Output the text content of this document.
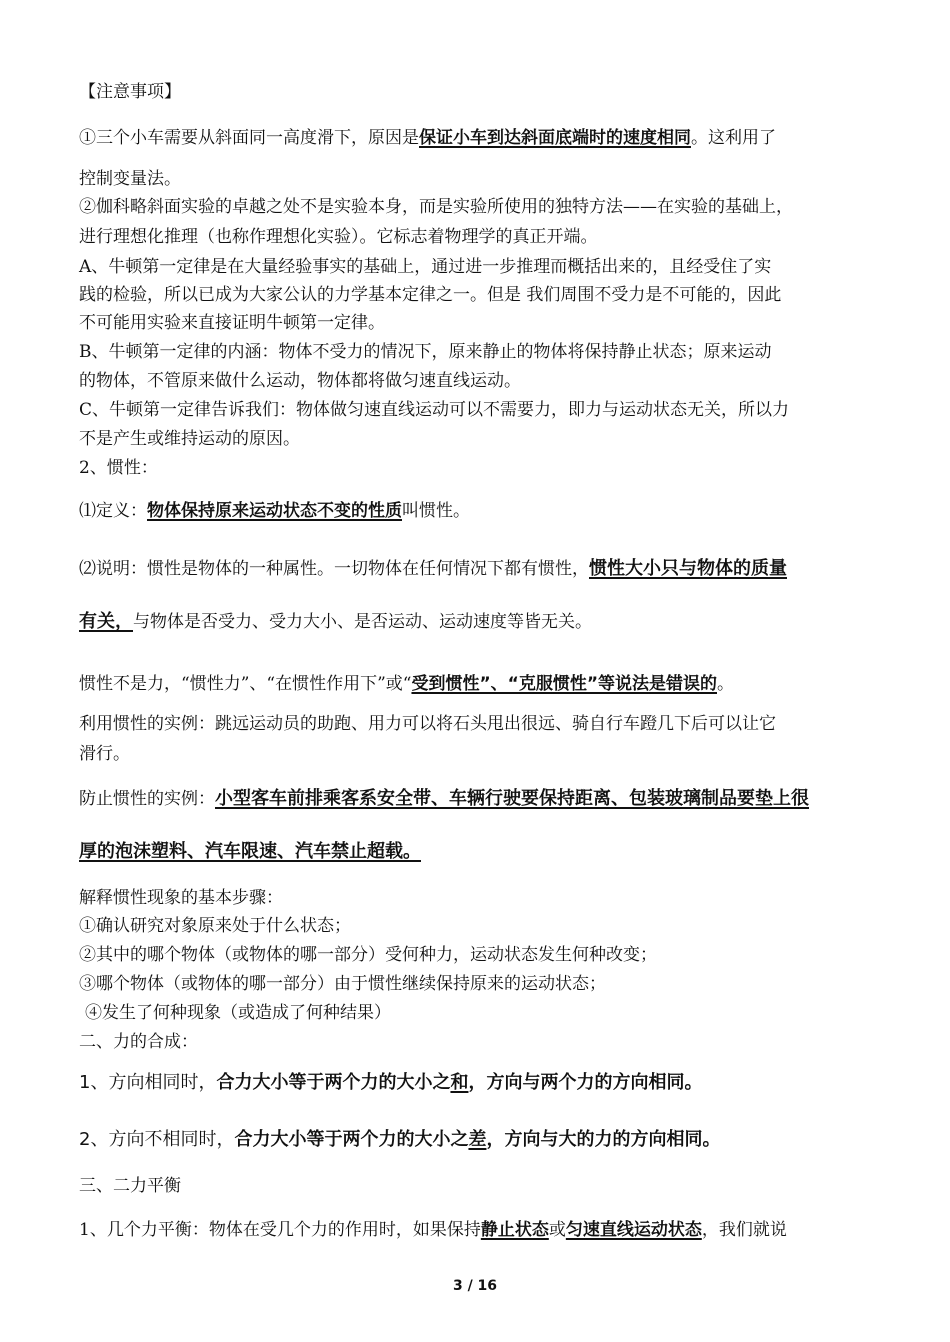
【注意事项】
①三个小车需要从斜面同一高度滑下，原因是保证小车到达斜面底端时的速度相同。这利用了
控制变量法。
②伽科略斜面实验的卓越之处不是实验本身，而是实验所使用的独特方法——在实验的基础上，
进行理想化推理（也称作理想化实验）。它标志着物理学的真正开端。
A、牛顿第一定律是在大量经验事实的基础上，通过进一步推理而概括出来的，且经受住了实
践的检验，所以已成为大家公认的力学基本定律之一。但是 我们周围不受力是不可能的，因此
不可能用实验来直接证明牛顿第一定律。
B、牛顿第一定律的内涵：物体不受力的情况下，原来静止的物体将保持静止状态；原来运动
的物体，不管原来做什么运动，物体都将做匀速直线运动。
C、牛顿第一定律告诉我们：物体做匀速直线运动可以不需要力，即力与运动状态无关，所以力
不是产生或维持运动的原因。
2、惯性：
⑴定义：物体保持原来运动状态不变的性质叫惯性。
⑵说明：惯性是物体的一种属性。一切物体在任何情况下都有惯性，惯性大小只与物体的质量
有关，与物体是否受力、受力大小、是否运动、运动速度等皆无关。
惯性不是力，“惯性力”、“在惯性作用下”或“受到惯性”、“克服惯性”等说法是错误的。
利用惯性的实例：跳远运动员的助跑、用力可以将石头甩出很远、骑自行车蹬几下后可以让它
滑行。
防止惯性的实例：小型客车前排乘客系安全带、车辆行驶要保持距离、包装玻璃制品要垫上很
厚的泡沫塑料、汽车限速、汽车禁止超载。
解释惯性现象的基本步骤：
①确认研究对象原来处于什么状态；
②其中的哪个物体（或物体的哪一部分）受何种力，运动状态发生何种改变；
③哪个物体（或物体的哪一部分）由于惯性继续保持原来的运动状态；
④发生了何种现象（或造成了何种结果）
二、力的合成：
1、方向相同时，合力大小等于两个力的大小之和，方向与两个力的方向相同。
2、方向不相同时，合力大小等于两个力的大小之差，方向与大的力的方向相同。
三、二力平衡
1、几个力平衡：物体在受几个力的作用时，如果保持静止状态或匀速直线运动状态，我们就说
3 / 16
